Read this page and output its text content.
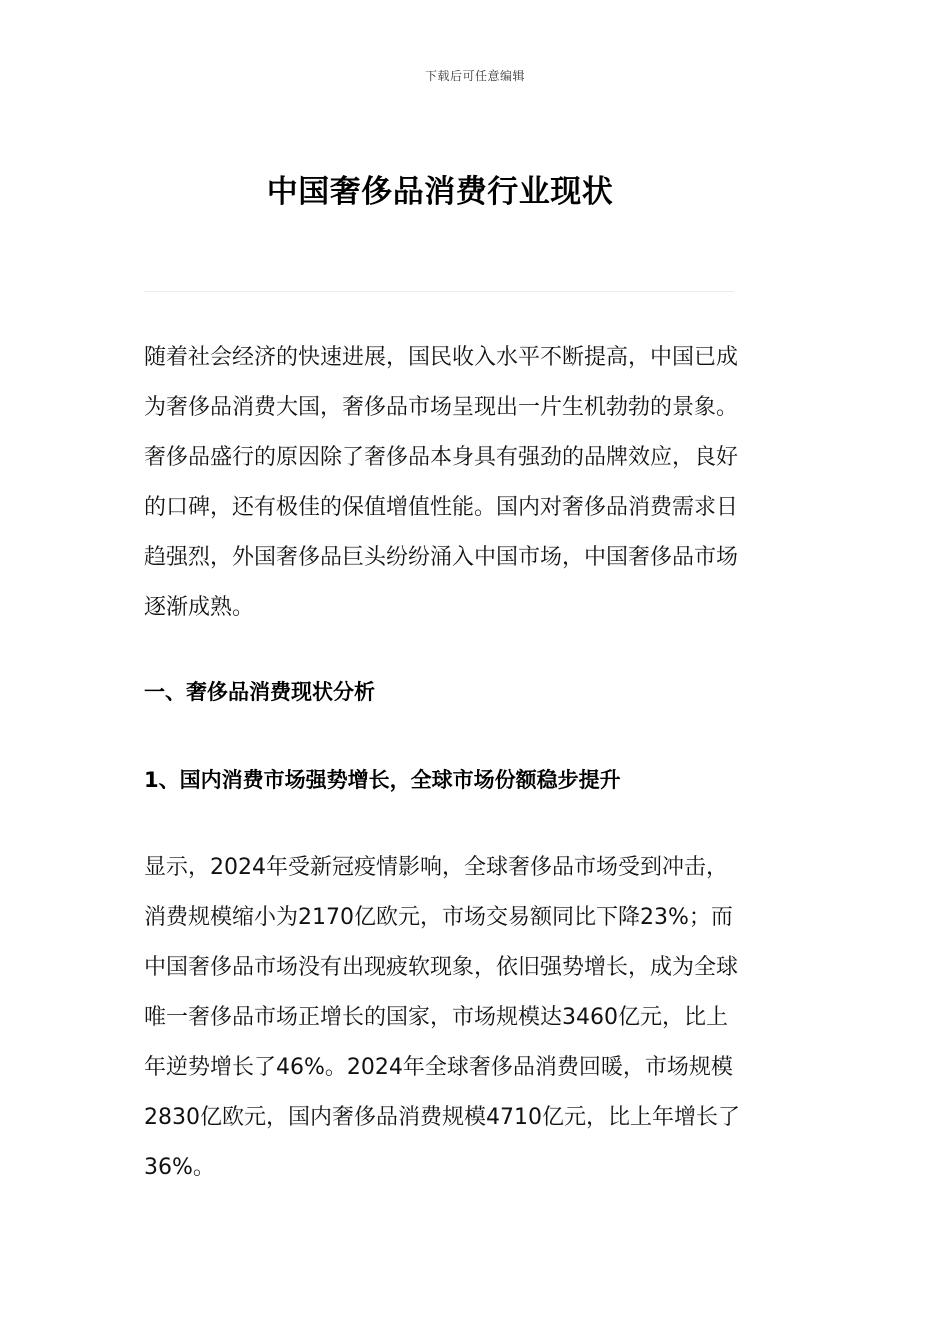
下载后可任意编辑
中国奢侈品消费行业现状

随着社会经济的快速进展，国民收入水平不断提高，中国已成为奢侈品消费大国，奢侈品市场呈现出一片生机勃勃的景象。奢侈品盛行的原因除了奢侈品本身具有强劲的品牌效应，良好的口碑，还有极佳的保值增值性能。国内对奢侈品消费需求日趋强烈，外国奢侈品巨头纷纷涌入中国市场，中国奢侈品市场逐渐成熟。

一、奢侈品消费现状分析
1、国内消费市场强势增长，全球市场份额稳步提升

显示，2024年受新冠疫情影响，全球奢侈品市场受到冲击，消费规模缩小为2170亿欧元，市场交易额同比下降23%；而中国奢侈品市场没有出现疲软现象，依旧强势增长，成为全球唯一奢侈品市场正增长的国家，市场规模达3460亿元，比上年逆势增长了46%。2024年全球奢侈品消费回暖，市场规模2830亿欧元，国内奢侈品消费规模4710亿元，比上年增长了36%。
